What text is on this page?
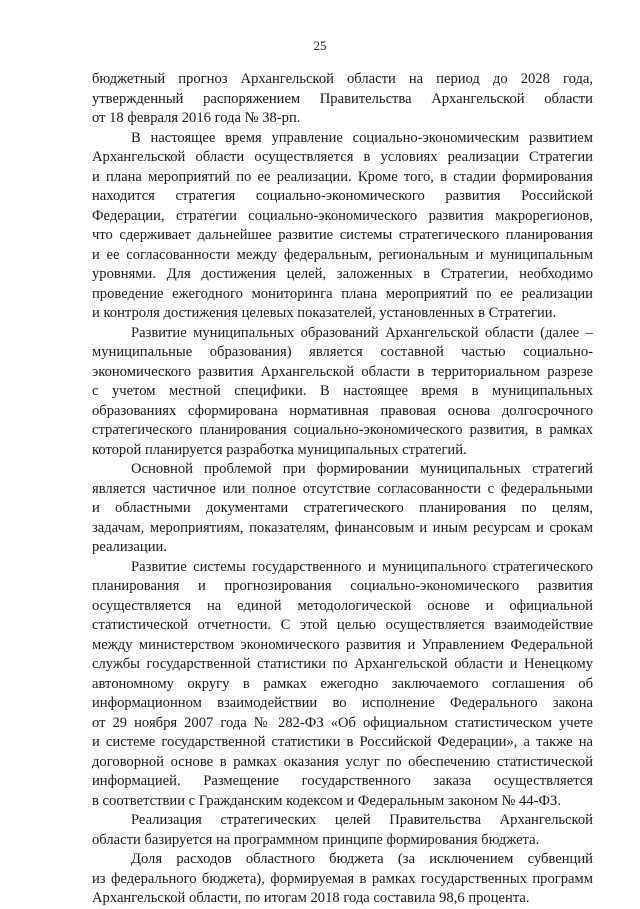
25

бюджетный прогноз Архангельской области на период до 2028 года,
утвержденный распоряжением Правительства Архангельской области
от 18 февраля 2016 года № 38-рп.

В настоящее время управление социально-экономическим развитием
Архангельской области осуществляется в условиях реализации Стратегии
и плана мероприятий по ее реализации. Кроме того, в стадии формирования
находится стратегия социально-экономического развития Российской
Федерации, стратегии социально-экономического развития макрорегионов,
что сдерживает дальнейшее развитие системы стратегического планирования
и ее согласованности между федеральным, региональным и муниципальным
уровнями. Для достижения целей, заложенных в Стратегии, необходимо
проведение ежегодного мониторинга плана мероприятий по ее реализации
и контроля достижения целевых показателей, установленных в Стратегии.

Развитие муниципальных образований Архангельской области (далее –
муниципальные образования) является составной частью социально-
экономического развития Архангельской области в территориальном разрезе
с учетом местной специфики. В настоящее время в муниципальных
образованиях сформирована нормативная правовая основа долгосрочного
стратегического планирования социально-экономического развития, в рамках
которой планируется разработка муниципальных стратегий.

Основной проблемой при формировании муниципальных стратегий
является частичное или полное отсутствие согласованности с федеральными
и областными документами стратегического планирования по целям,
задачам, мероприятиям, показателям, финансовым и иным ресурсам и срокам
реализации.

Развитие системы государственного и муниципального стратегического
планирования и прогнозирования социально-экономического развития
осуществляется на единой методологической основе и официальной
статистической отчетности. С этой целью осуществляется взаимодействие
между министерством экономического развития и Управлением Федеральной
службы государственной статистики по Архангельской области и Ненецкому
автономному округу в рамках ежегодно заключаемого соглашения об
информационном взаимодействии во исполнение Федерального закона
от 29 ноября 2007 года № 282-ФЗ «Об официальном статистическом учете
и системе государственной статистики в Российской Федерации», а также на
договорной основе в рамках оказания услуг по обеспечению статистической
информацией. Размещение государственного заказа осуществляется
в соответствии с Гражданским кодексом и Федеральным законом № 44-ФЗ.

Реализация стратегических целей Правительства Архангельской
области базируется на программном принципе формирования бюджета.

Доля расходов областного бюджета (за исключением субвенций
из федерального бюджета), формируемая в рамках государственных программ
Архангельской области, по итогам 2018 года составила 98,6 процента.
